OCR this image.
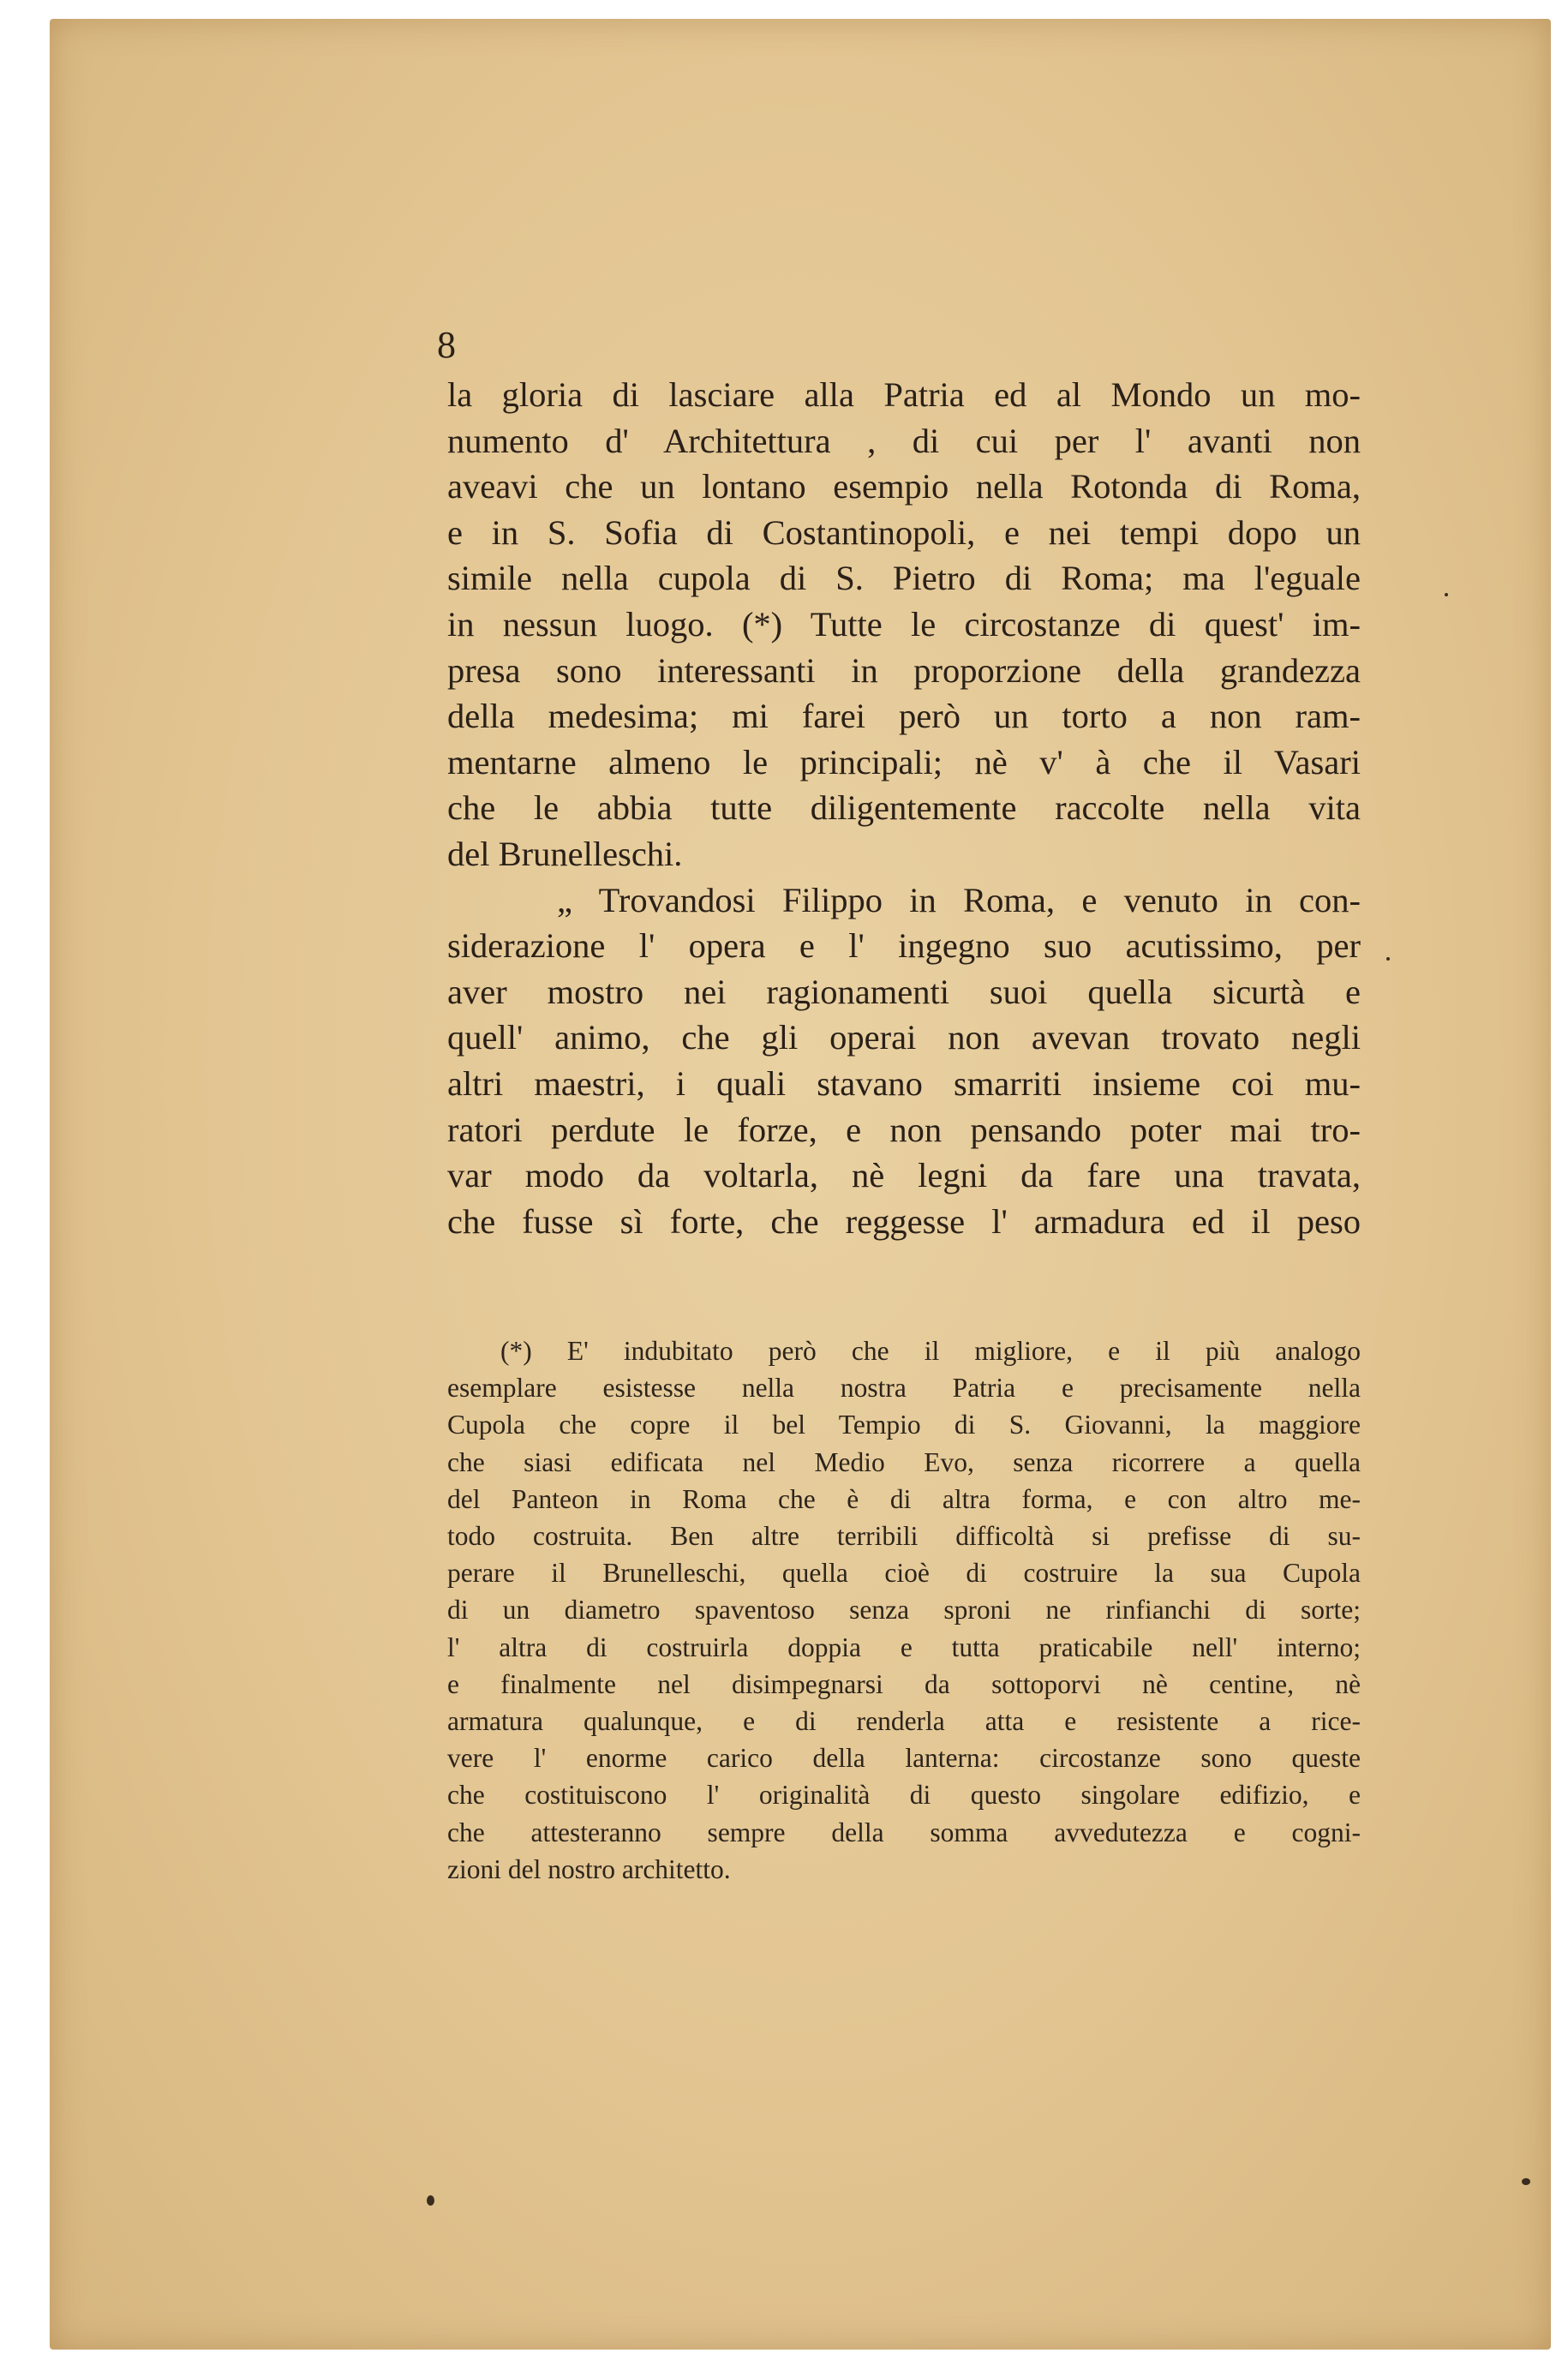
8
la gloria di lasciare alla Patria ed al Mondo un mo-
numento d' Architettura , di cui per l' avanti non
aveavi che un lontano esempio nella Rotonda di Roma,
e in S. Sofia di Costantinopoli, e nei tempi dopo un
simile nella cupola di S. Pietro di Roma; ma l'eguale
in nessun luogo. (*) Tutte le circostanze di quest' im-
presa sono interessanti in proporzione della grandezza
della medesima; mi farei però un torto a non ram-
mentarne almeno le principali; nè v' à che il Vasari
che le abbia tutte diligentemente raccolte nella vita
del Brunelleschi.
„ Trovandosi Filippo in Roma, e venuto in con-
siderazione l' opera e l' ingegno suo acutissimo, per
aver mostro nei ragionamenti suoi quella sicurtà e
quell' animo, che gli operai non avevan trovato negli
altri maestri, i quali stavano smarriti insieme coi mu-
ratori perdute le forze, e non pensando poter mai tro-
var modo da voltarla, nè legni da fare una travata,
che fusse sì forte, che reggesse l' armadura ed il peso
(*) E' indubitato però che il migliore, e il più analogo
esemplare esistesse nella nostra Patria e precisamente nella
Cupola che copre il bel Tempio di S. Giovanni, la maggiore
che siasi edificata nel Medio Evo, senza ricorrere a quella
del Panteon in Roma che è di altra forma, e con altro me-
todo costruita. Ben altre terribili difficoltà si prefisse di su-
perare il Brunelleschi, quella cioè di costruire la sua Cupola
di un diametro spaventoso senza sproni ne rinfianchi di sorte;
l' altra di costruirla doppia e tutta praticabile nell' interno;
e finalmente nel disimpegnarsi da sottoporvi nè centine, nè
armatura qualunque, e di renderla atta e resistente a rice-
vere l' enorme carico della lanterna: circostanze sono queste
che costituiscono l' originalità di questo singolare edifizio, e
che attesteranno sempre della somma avvedutezza e cogni-
zioni del nostro architetto.
